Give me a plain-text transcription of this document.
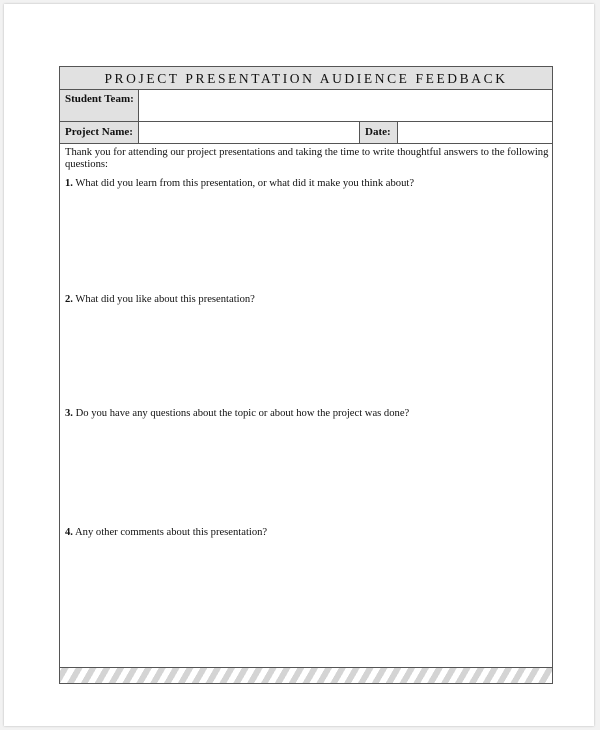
PROJECT PRESENTATION AUDIENCE FEEDBACK
Student Team:
Project Name:	Date:
Thank you for attending our project presentations and taking the time to write thoughtful answers to the following questions:
1. What did you learn from this presentation, or what did it make you think about?
2. What did you like about this presentation?
3. Do you have any questions about the topic or about how the project was done?
4. Any other comments about this presentation?
